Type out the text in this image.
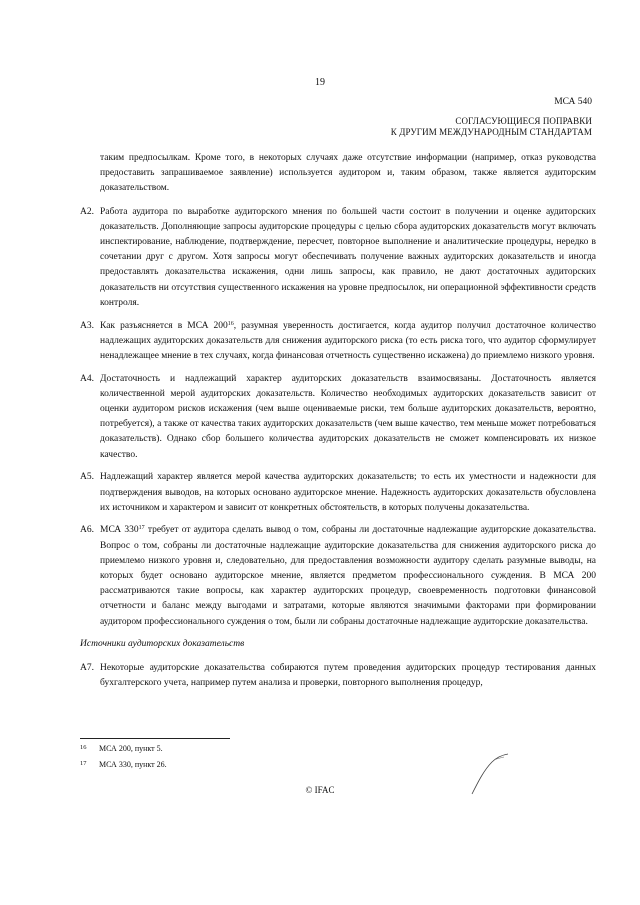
19
МСА 540
СОГЛАСУЮЩИЕСЯ ПОПРАВКИ
К ДРУГИМ МЕЖДУНАРОДНЫМ СТАНДАРТАМ
таким предпосылкам. Кроме того, в некоторых случаях даже отсутствие информации (например, отказ руководства предоставить запрашиваемое заявление) используется аудитором и, таким образом, также является аудиторским доказательством.
A2. Работа аудитора по выработке аудиторского мнения по большей части состоит в получении и оценке аудиторских доказательств. Дополняющие запросы аудиторские процедуры с целью сбора аудиторских доказательств могут включать инспектирование, наблюдение, подтверждение, пересчет, повторное выполнение и аналитические процедуры, нередко в сочетании друг с другом. Хотя запросы могут обеспечивать получение важных аудиторских доказательств и иногда предоставлять доказательства искажения, одни лишь запросы, как правило, не дают достаточных аудиторских доказательств ни отсутствия существенного искажения на уровне предпосылок, ни операционной эффективности средств контроля.
A3. Как разъясняется в МСА $200^{16}$, разумная уверенность достигается, когда аудитор получил достаточное количество надлежащих аудиторских доказательств для снижения аудиторского риска (то есть риска того, что аудитор сформулирует ненадлежащее мнение в тех случаях, когда финансовая отчетность существенно искажена) до приемлемо низкого уровня.
A4. Достаточность и надлежащий характер аудиторских доказательств взаимосвязаны. Достаточность является количественной мерой аудиторских доказательств. Количество необходимых аудиторских доказательств зависит от оценки аудитором рисков искажения (чем выше оцениваемые риски, тем больше аудиторских доказательств, вероятно, потребуется), а также от качества таких аудиторских доказательств (чем выше качество, тем меньше может потребоваться доказательств). Однако сбор большего количества аудиторских доказательств не сможет компенсировать их низкое качество.
A5. Надлежащий характер является мерой качества аудиторских доказательств; то есть их уместности и надежности для подтверждения выводов, на которых основано аудиторское мнение. Надежность аудиторских доказательств обусловлена их источником и характером и зависит от конкретных обстоятельств, в которых получены доказательства.
A6. МСА $330^{17}$ требует от аудитора сделать вывод о том, собраны ли достаточные надлежащие аудиторские доказательства. Вопрос о том, собраны ли достаточные надлежащие аудиторские доказательства для снижения аудиторского риска до приемлемо низкого уровня и, следовательно, для предоставления возможности аудитору сделать разумные выводы, на которых будет основано аудиторское мнение, является предметом профессионального суждения. В МСА 200 рассматриваются такие вопросы, как характер аудиторских процедур, своевременность подготовки финансовой отчетности и баланс между выгодами и затратами, которые являются значимыми факторами при формировании аудитором профессионального суждения о том, были ли собраны достаточные надлежащие аудиторские доказательства.
Источники аудиторских доказательств
A7. Некоторые аудиторские доказательства собираются путем проведения аудиторских процедур тестирования данных бухгалтерского учета, например путем анализа и проверки, повторного выполнения процедур,
16	МСА 200, пункт 5.
17	МСА 330, пункт 26.
© IFAC
